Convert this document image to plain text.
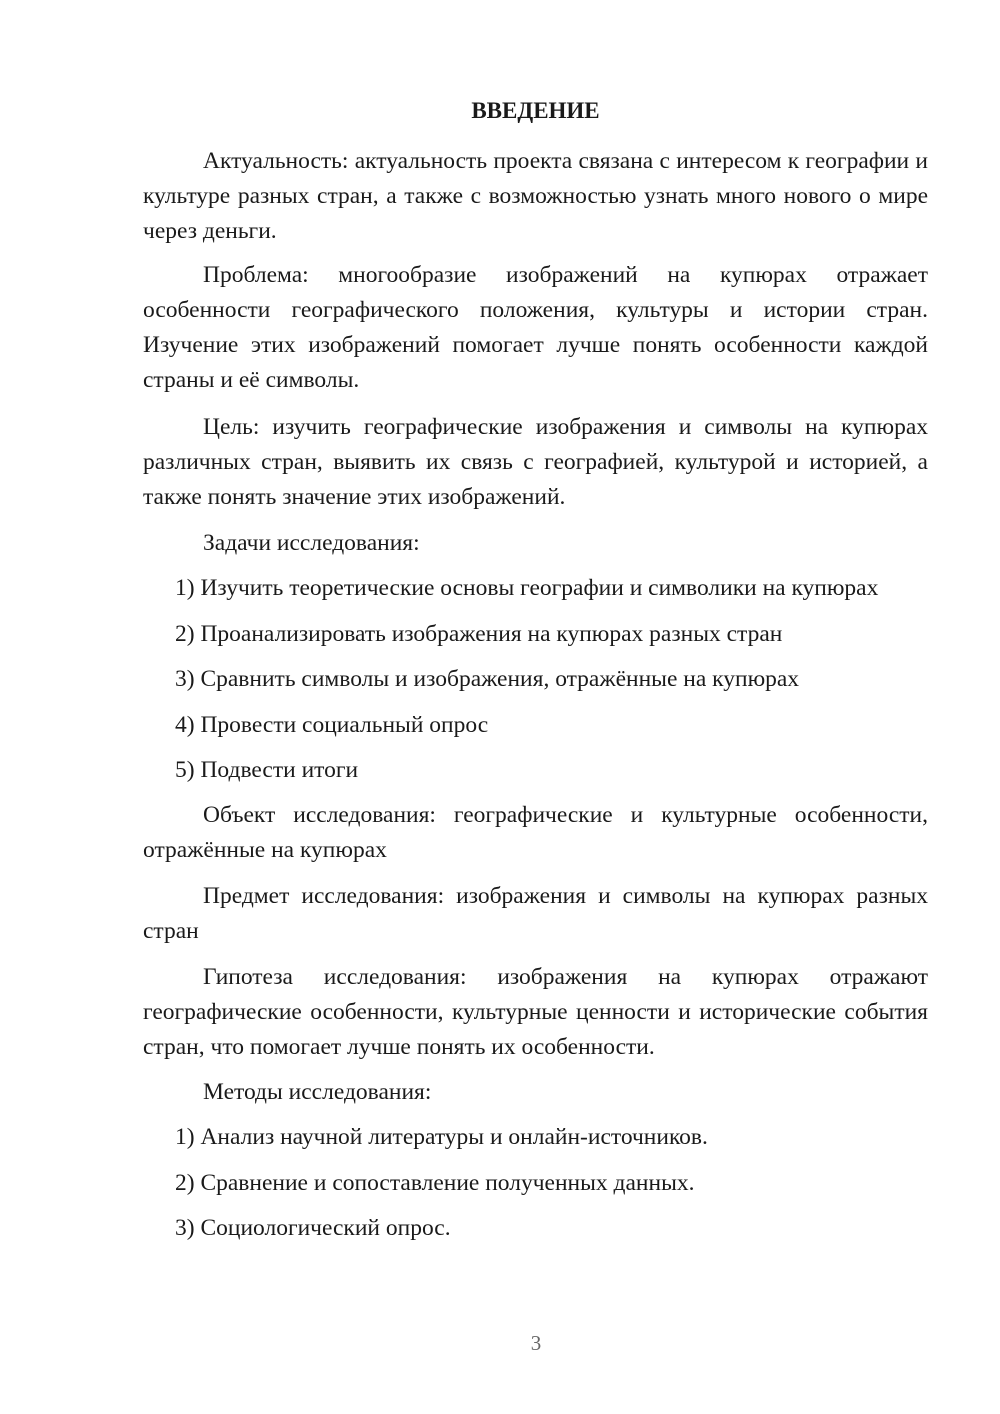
ВВЕДЕНИЕ

Актуальность: актуальность проекта связана с интересом к географии и культуре разных стран, а также с возможностью узнать много нового о мире через деньги.

Проблема: многообразие изображений на купюрах отражает особенности географического положения, культуры и истории стран. Изучение этих изображений помогает лучше понять особенности каждой страны и её символы.

Цель: изучить географические изображения и символы на купюрах различных стран, выявить их связь с географией, культурой и историей, а также понять значение этих изображений.

Задачи исследования:

1) Изучить теоретические основы географии и символики на купюрах

2) Проанализировать изображения на купюрах разных стран

3) Сравнить символы и изображения, отражённые на купюрах

4) Провести социальный опрос

5) Подвести итоги

Объект исследования: географические и культурные особенности, отражённые на купюрах

Предмет исследования: изображения и символы на купюрах разных стран

Гипотеза исследования: изображения на купюрах отражают географические особенности, культурные ценности и исторические события стран, что помогает лучше понять их особенности.

Методы исследования:

1) Анализ научной литературы и онлайн-источников.

2) Сравнение и сопоставление полученных данных.

3) Социологический опрос.

3
